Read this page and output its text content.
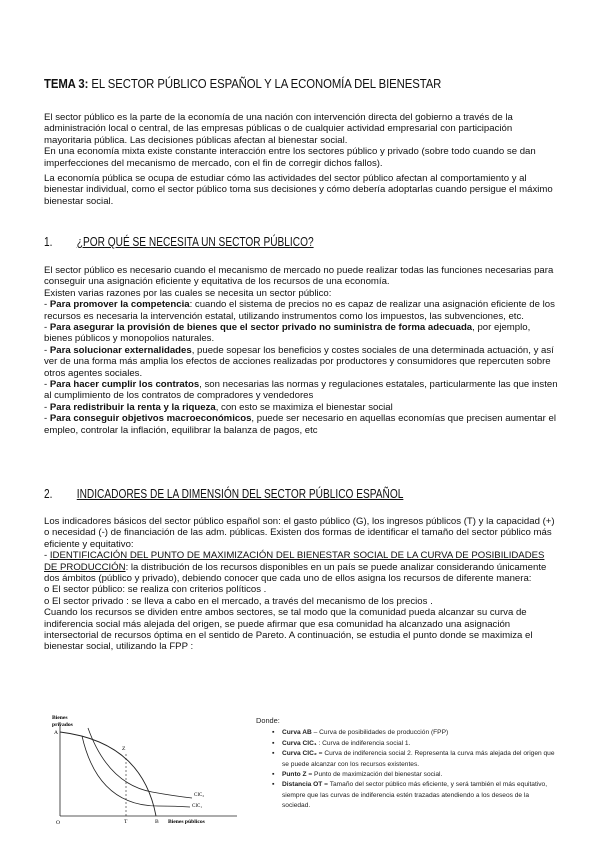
TEMA 3: EL SECTOR PÚBLICO ESPAÑOL Y LA ECONOMÍA DEL BIENESTAR

El sector público es la parte de la economía de una nación con intervención directa del gobierno a través de la administración local o central, de las empresas públicas o de cualquier actividad empresarial con participación mayoritaria pública. Las decisiones públicas afectan al bienestar social.

En una economía mixta existe constante interacción entre los sectores público y privado (sobre todo cuando se dan imperfecciones del mecanismo de mercado, con el fin de corregir dichos fallos).

La economía pública se ocupa de estudiar cómo las actividades del sector público afectan al comportamiento y al bienestar individual, como el sector público toma sus decisiones y cómo debería adoptarlas cuando persigue el máximo bienestar social.

1. ¿POR QUÉ SE NECESITA UN SECTOR PÚBLICO?

El sector público es necesario cuando el mecanismo de mercado no puede realizar todas las funciones necesarias para conseguir una asignación eficiente y equitativa de los recursos de una economía.

Existen varias razones por las cuales se necesita un sector público:

- Para promover la competencia: cuando el sistema de precios no es capaz de realizar una asignación eficiente de los recursos es necesaria la intervención estatal, utilizando instrumentos como los impuestos, las subvenciones, etc.

- Para asegurar la provisión de bienes que el sector privado no suministra de forma adecuada, por ejemplo, bienes públicos y monopolios naturales.

- Para solucionar externalidades, puede sopesar los beneficios y costes sociales de una determinada actuación, y así ver de una forma más amplia los efectos de acciones realizadas por productores y consumidores que repercuten sobre otros agentes sociales.

- Para hacer cumplir los contratos, son necesarias las normas y regulaciones estatales, particularmente las que insten al cumplimiento de los contratos de compradores y vendedores

- Para redistribuir la renta y la riqueza, con esto se maximiza el bienestar social

- Para conseguir objetivos macroeconómicos, puede ser necesario en aquellas economías que precisen aumentar el empleo, controlar la inflación, equilibrar la balanza de pagos, etc

2. INDICADORES DE LA DIMENSIÓN DEL SECTOR PÚBLICO ESPAÑOL

Los indicadores básicos del sector público español son: el gasto público (G), los ingresos públicos (T) y la capacidad (+) o necesidad (-) de financiación de las adm. públicas. Existen dos formas de identificar el tamaño del sector público más eficiente y equitativo:

- IDENTIFICACIÓN DEL PUNTO DE MAXIMIZACIÓN DEL BIENESTAR SOCIAL DE LA CURVA DE POSIBILIDADES DE PRODUCCIÓN: la distribución de los recursos disponibles en un país se puede analizar considerando únicamente dos ámbitos (público y privado), debiendo conocer que cada uno de ellos asigna los recursos de diferente manera:

o El sector público: se realiza con criterios políticos .

o El sector privado : se lleva a cabo en el mercado, a través del mecanismo de los precios .

Cuando los recursos se dividen entre ambos sectores, se tal modo que la comunidad pueda alcanzar su curva de indiferencia social más alejada del origen, se puede afirmar que esa comunidad ha alcanzado una asignación intersectorial de recursos óptima en el sentido de Pareto. A continuación, se estudia el punto donde se maximiza el bienestar social, utilizando la FPP :

Bienes
privados
A
Z
CIC₂
CIC₁
O	T	B Bienes públicos
Donde:
▪ Curva AB – Curva de posibilidades de producción (FPP)
▪ Curva CIC₁ : Curva de indiferencia social 1.
▪ Curva CIC₂ = Curva de indiferencia social 2. Representa la curva más alejada del origen que se puede alcanzar con los recursos existentes.
▪ Punto Z = Punto de maximización del bienestar social.
▪ Distancia OT = Tamaño del sector público más eficiente, y será también el más equitativo, siempre que las curvas de indiferencia estén trazadas atendiendo a los deseos de la sociedad.
